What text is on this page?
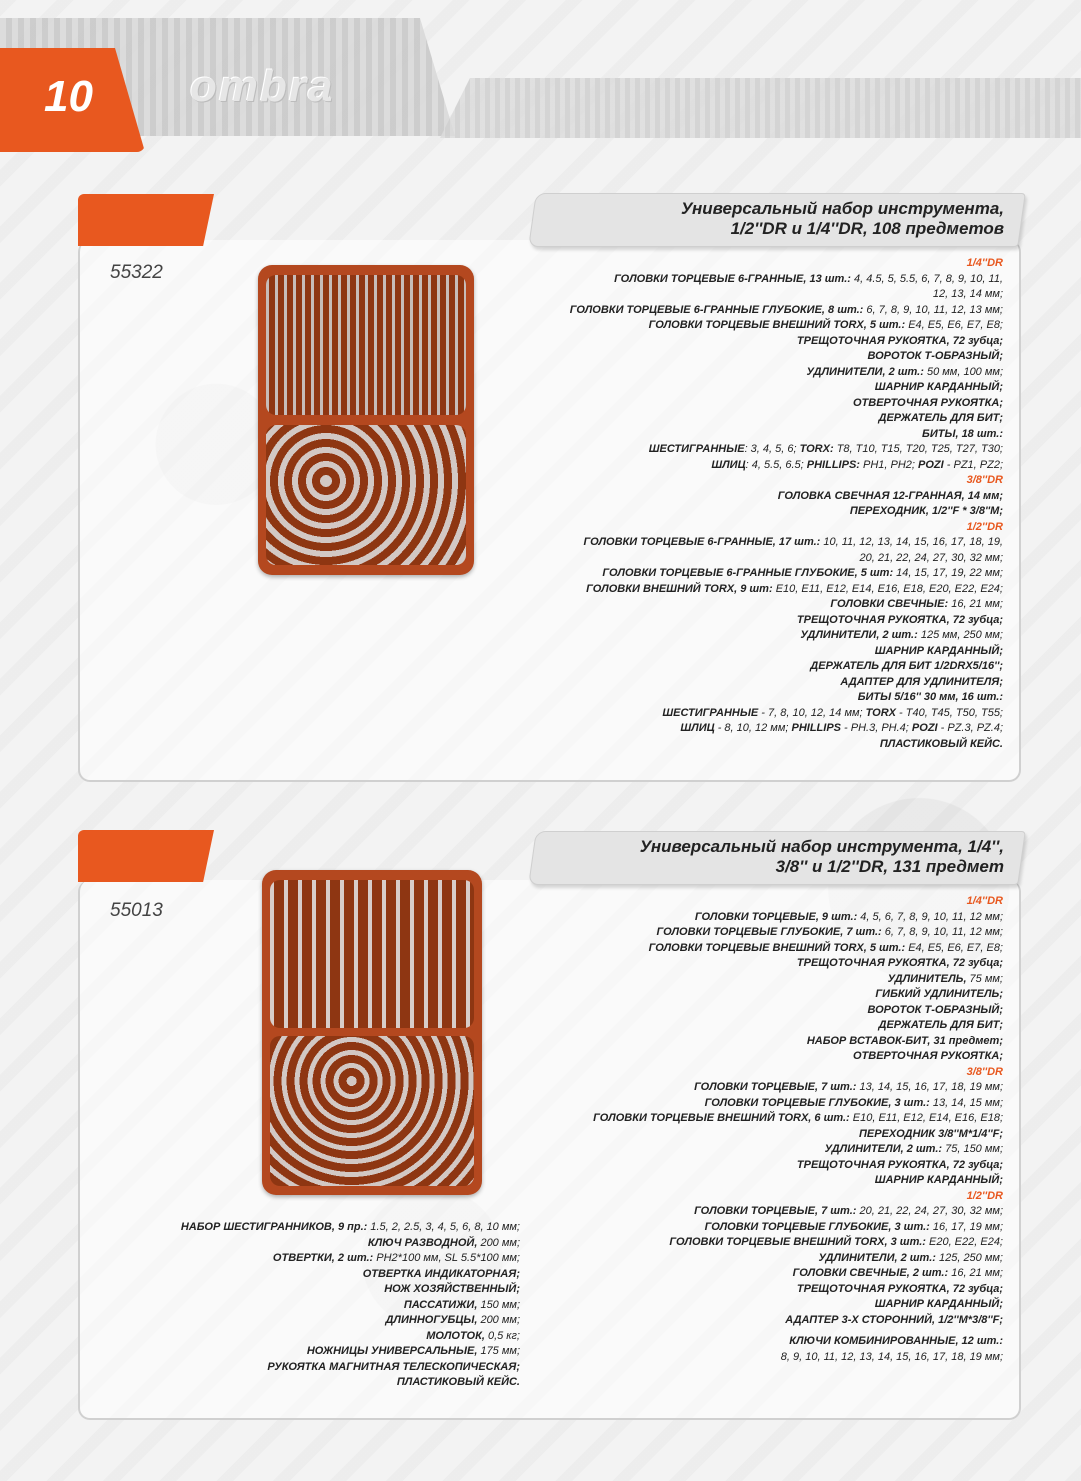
10 ombra
Универсальный набор инструмента,
1/2''DR и 1/4''DR, 108 предметов
55322	1/4''DR
ГОЛОВКИ ТОРЦЕВЫЕ 6-ГРАННЫЕ, 13 шт.: 4, 4.5, 5, 5.5, 6, 7, 8, 9, 10, 11,
12, 13, 14 мм;
ГОЛОВКИ ТОРЦЕВЫЕ 6-ГРАННЫЕ ГЛУБОКИЕ, 8 шт.: 6, 7, 8, 9, 10, 11, 12, 13 мм;
ГОЛОВКИ ТОРЦЕВЫЕ ВНЕШНИЙ TORX, 5 шт.: E4, E5, E6, E7, E8;
ТРЕЩОТОЧНАЯ РУКОЯТКА, 72 зубца;
ВОРОТОК Т-ОБРАЗНЫЙ;
УДЛИНИТЕЛИ, 2 шт.: 50 мм, 100 мм;
ШАРНИР КАРДАННЫЙ;
ОТВЕРТОЧНАЯ РУКОЯТКА;
ДЕРЖАТЕЛЬ ДЛЯ БИТ;
БИТЫ, 18 шт.:
ШЕСТИГРАННЫЕ: 3, 4, 5, 6; TORX: T8, T10, T15, T20, T25, T27, T30;
ШЛИЦ: 4, 5.5, 6.5; PHILLIPS: PH1, PH2; POZI - PZ1, PZ2;
3/8''DR
ГОЛОВКА СВЕЧНАЯ 12-ГРАННАЯ, 14 мм;
ПЕРЕХОДНИК, 1/2''F * 3/8''M;
1/2''DR
ГОЛОВКИ ТОРЦЕВЫЕ 6-ГРАННЫЕ, 17 шт.: 10, 11, 12, 13, 14, 15, 16, 17, 18, 19,
20, 21, 22, 24, 27, 30, 32 мм;
ГОЛОВКИ ТОРЦЕВЫЕ 6-ГРАННЫЕ ГЛУБОКИЕ, 5 шт: 14, 15, 17, 19, 22 мм;
ГОЛОВКИ ВНЕШНИЙ TORX, 9 шт: E10, E11, E12, E14, E16, E18, E20, E22, E24;
ГОЛОВКИ СВЕЧНЫЕ: 16, 21 мм;
ТРЕЩОТОЧНАЯ РУКОЯТКА, 72 зубца;
УДЛИНИТЕЛИ, 2 шт.: 125 мм, 250 мм;
ШАРНИР КАРДАННЫЙ;
ДЕРЖАТЕЛЬ ДЛЯ БИТ 1/2DRX5/16'';
АДАПТЕР ДЛЯ УДЛИНИТЕЛЯ;
БИТЫ 5/16'' 30 мм, 16 шт.:
ШЕСТИГРАННЫЕ - 7, 8, 10, 12, 14 мм; TORX - T40, T45, T50, T55;
ШЛИЦ - 8, 10, 12 мм; PHILLIPS - PH.3, PH.4; POZI - PZ.3, PZ.4;
ПЛАСТИКОВЫЙ КЕЙС.
Универсальный набор инструмента, 1/4'',
3/8'' и 1/2''DR, 131 предмет
55013	1/4''DR
ГОЛОВКИ ТОРЦЕВЫЕ, 9 шт.: 4, 5, 6, 7, 8, 9, 10, 11, 12 мм;
ГОЛОВКИ ТОРЦЕВЫЕ ГЛУБОКИЕ, 7 шт.: 6, 7, 8, 9, 10, 11, 12 мм;
ГОЛОВКИ ТОРЦЕВЫЕ ВНЕШНИЙ TORX, 5 шт.: E4, E5, E6, E7, E8;
ТРЕЩОТОЧНАЯ РУКОЯТКА, 72 зубца;
УДЛИНИТЕЛЬ, 75 мм;
ГИБКИЙ УДЛИНИТЕЛЬ;
ВОРОТОК Т-ОБРАЗНЫЙ;
ДЕРЖАТЕЛЬ ДЛЯ БИТ;
НАБОР ВСТАВОК-БИТ, 31 предмет;
ОТВЕРТОЧНАЯ РУКОЯТКА;
3/8''DR
ГОЛОВКИ ТОРЦЕВЫЕ, 7 шт.: 13, 14, 15, 16, 17, 18, 19 мм;
ГОЛОВКИ ТОРЦЕВЫЕ ГЛУБОКИЕ, 3 шт.: 13, 14, 15 мм;
ГОЛОВКИ ТОРЦЕВЫЕ ВНЕШНИЙ TORX, 6 шт.: E10, E11, E12, E14, E16, E18;
ПЕРЕХОДНИК 3/8''M*1/4''F;
УДЛИНИТЕЛИ, 2 шт.: 75, 150 мм;
ТРЕЩОТОЧНАЯ РУКОЯТКА, 72 зубца;
ШАРНИР КАРДАННЫЙ;
1/2''DR
ГОЛОВКИ ТОРЦЕВЫЕ, 7 шт.: 20, 21, 22, 24, 27, 30, 32 мм;
ГОЛОВКИ ТОРЦЕВЫЕ ГЛУБОКИЕ, 3 шт.: 16, 17, 19 мм;
ГОЛОВКИ ТОРЦЕВЫЕ ВНЕШНИЙ TORX, 3 шт.: E20, E22, E24;
УДЛИНИТЕЛИ, 2 шт.: 125, 250 мм;
ГОЛОВКИ СВЕЧНЫЕ, 2 шт.: 16, 21 мм;
ТРЕЩОТОЧНАЯ РУКОЯТКА, 72 зубца;
ШАРНИР КАРДАННЫЙ;
АДАПТЕР 3-Х СТОРОННИЙ, 1/2''M*3/8''F;
КЛЮЧИ КОМБИНИРОВАННЫЕ, 12 шт.:
8, 9, 10, 11, 12, 13, 14, 15, 16, 17, 18, 19 мм;
НАБОР ШЕСТИГРАННИКОВ, 9 пр.: 1.5, 2, 2.5, 3, 4, 5, 6, 8, 10 мм;
КЛЮЧ РАЗВОДНОЙ, 200 мм;
ОТВЕРТКИ, 2 шт.: PH2*100 мм, SL 5.5*100 мм;
ОТВЕРТКА ИНДИКАТОРНАЯ;
НОЖ ХОЗЯЙСТВЕННЫЙ;
ПАССАТИЖИ, 150 мм;
ДЛИННОГУБЦЫ, 200 мм;
МОЛОТОК, 0,5 кг;
НОЖНИЦЫ УНИВЕРСАЛЬНЫЕ, 175 мм;
РУКОЯТКА МАГНИТНАЯ ТЕЛЕСКОПИЧЕСКАЯ;
ПЛАСТИКОВЫЙ КЕЙС.
